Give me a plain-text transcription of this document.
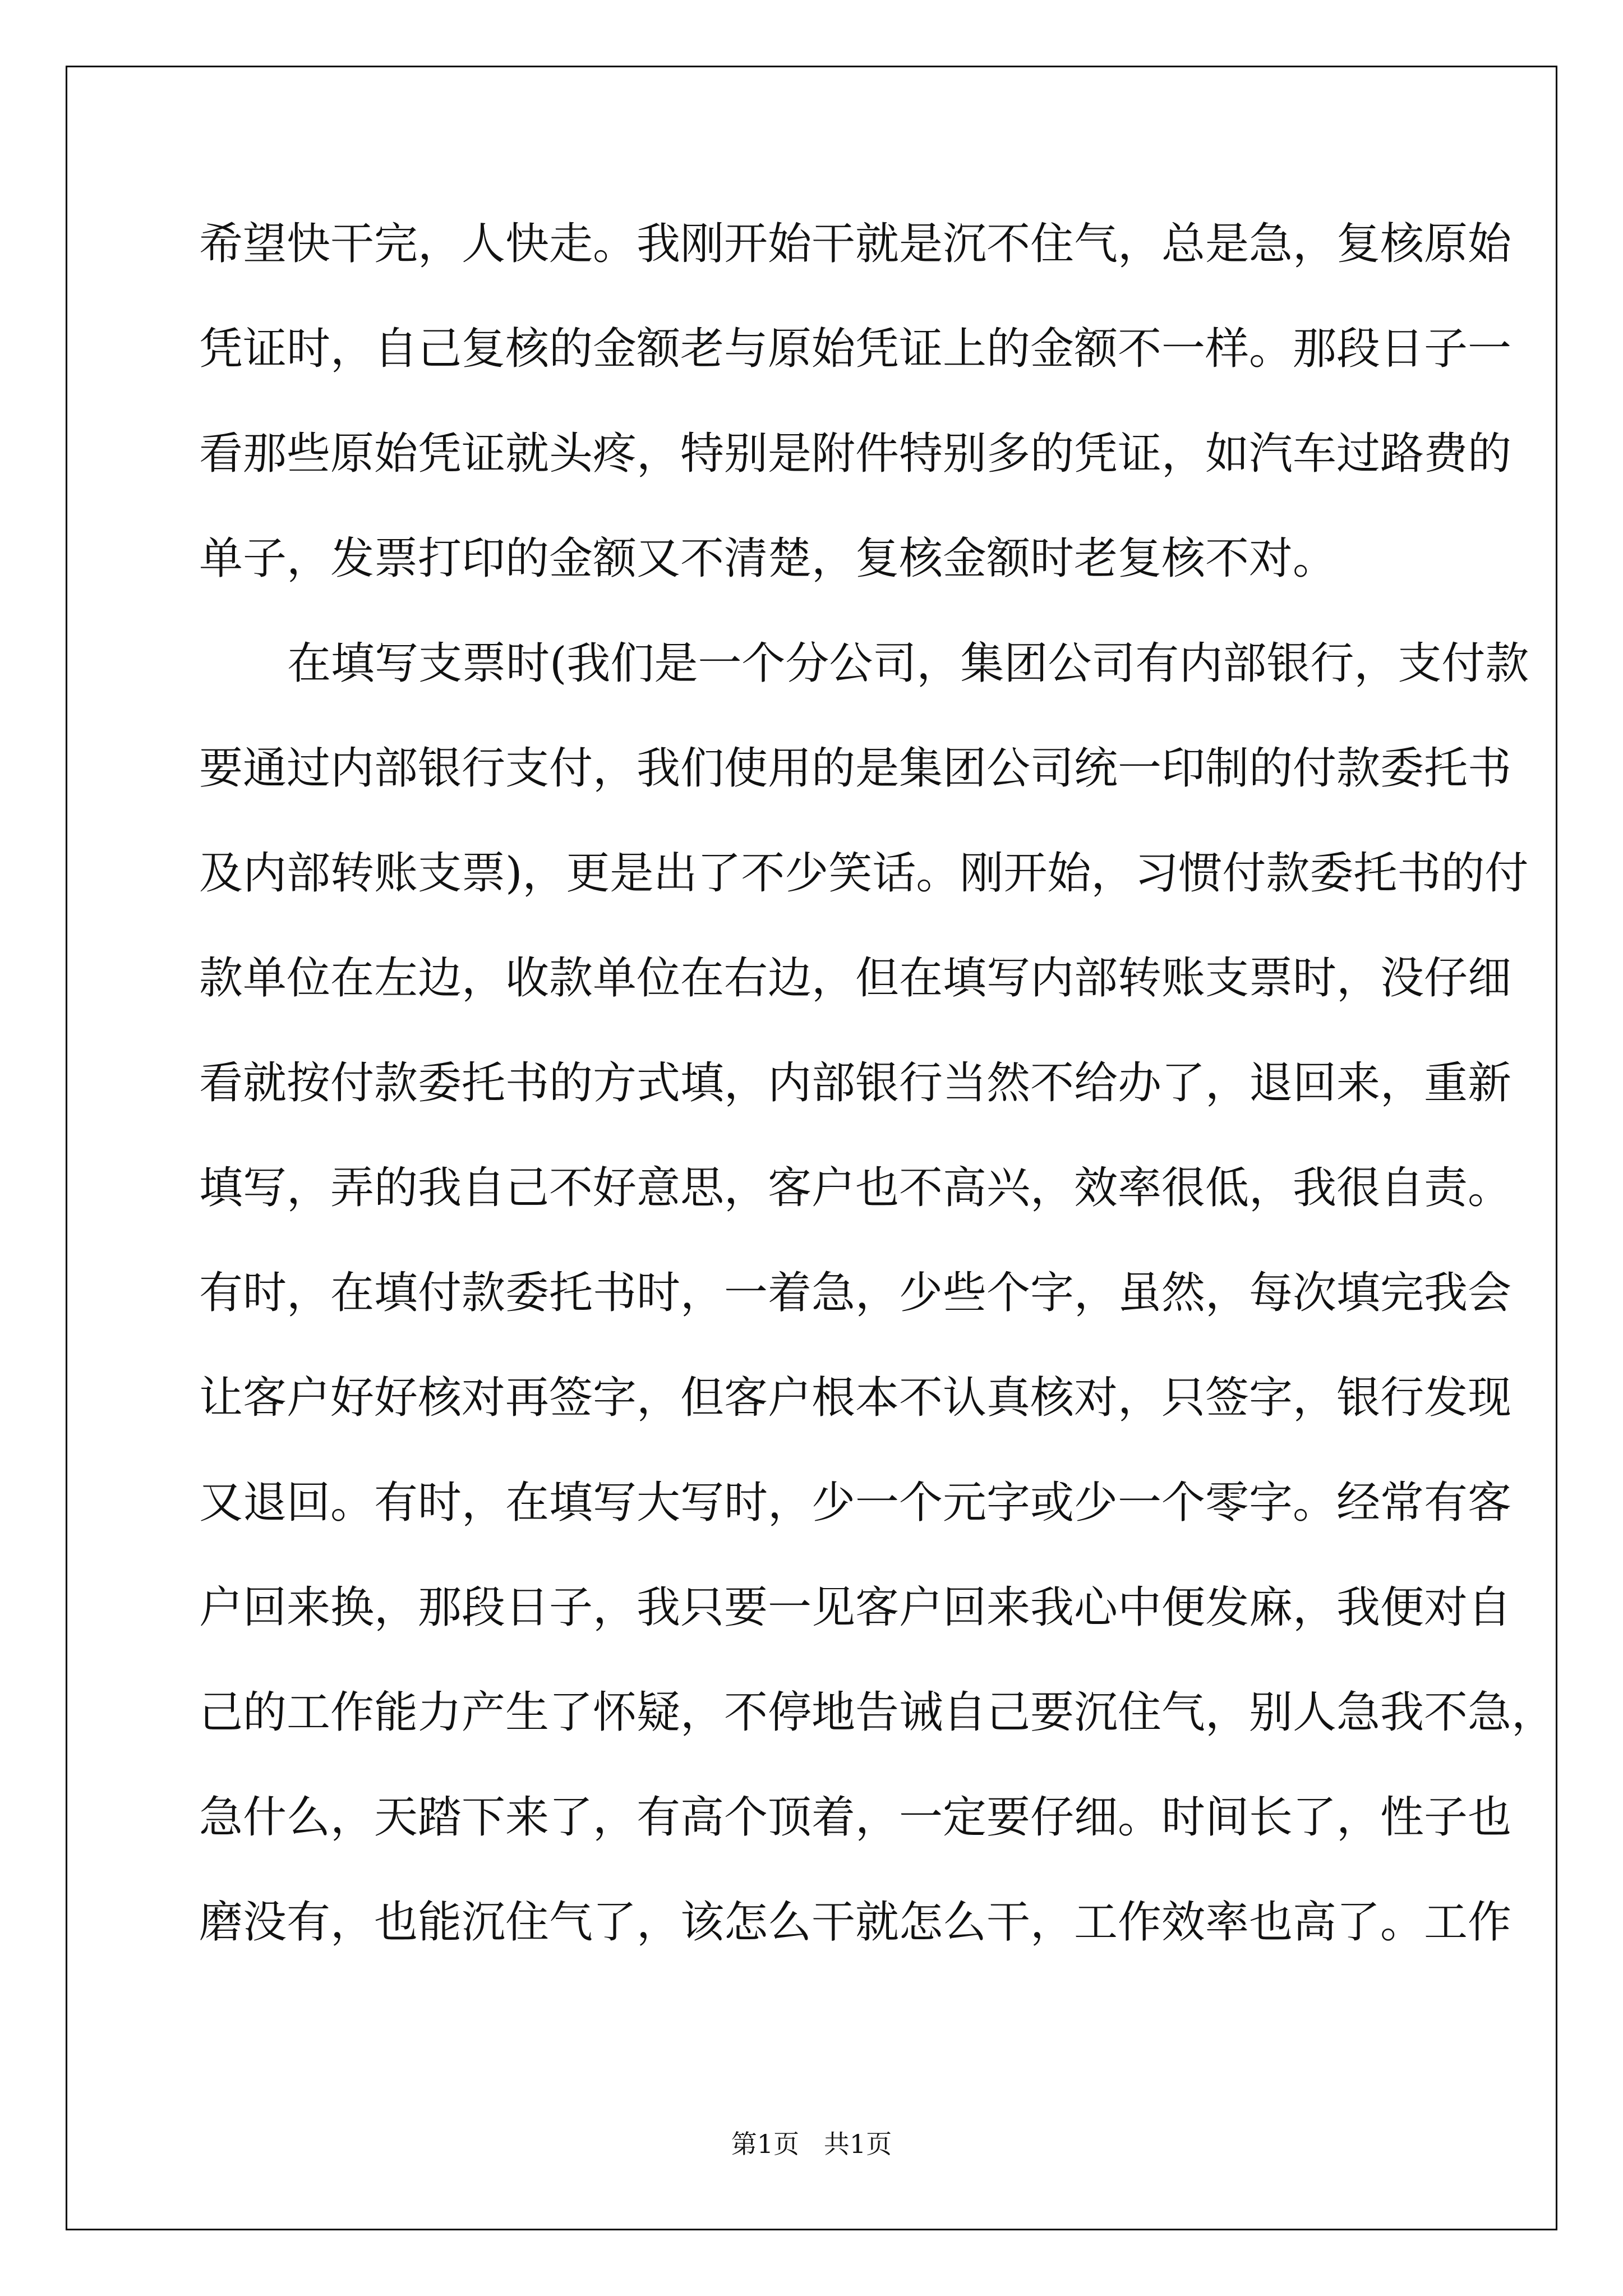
希望快干完，人快走。我刚开始干就是沉不住气，总是急，复核原始
凭证时，自己复核的金额老与原始凭证上的金额不一样。那段日子一
看那些原始凭证就头疼，特别是附件特别多的凭证，如汽车过路费的
单子，发票打印的金额又不清楚，复核金额时老复核不对。
在填写支票时(我们是一个分公司，集团公司有内部银行，支付款
要通过内部银行支付，我们使用的是集团公司统一印制的付款委托书
及内部转账支票)，更是出了不少笑话。刚开始，习惯付款委托书的付
款单位在左边，收款单位在右边，但在填写内部转账支票时，没仔细
看就按付款委托书的方式填，内部银行当然不给办了，退回来，重新
填写，弄的我自己不好意思，客户也不高兴，效率很低，我很自责。
有时，在填付款委托书时，一着急，少些个字，虽然，每次填完我会
让客户好好核对再签字，但客户根本不认真核对，只签字，银行发现
又退回。有时，在填写大写时，少一个元字或少一个零字。经常有客
户回来换，那段日子，我只要一见客户回来我心中便发麻，我便对自
己的工作能力产生了怀疑，不停地告诫自己要沉住气，别人急我不急，
急什么，天踏下来了，有高个顶着，一定要仔细。时间长了，性子也
磨没有，也能沉住气了，该怎么干就怎么干，工作效率也高了。工作
第1页   共1页
